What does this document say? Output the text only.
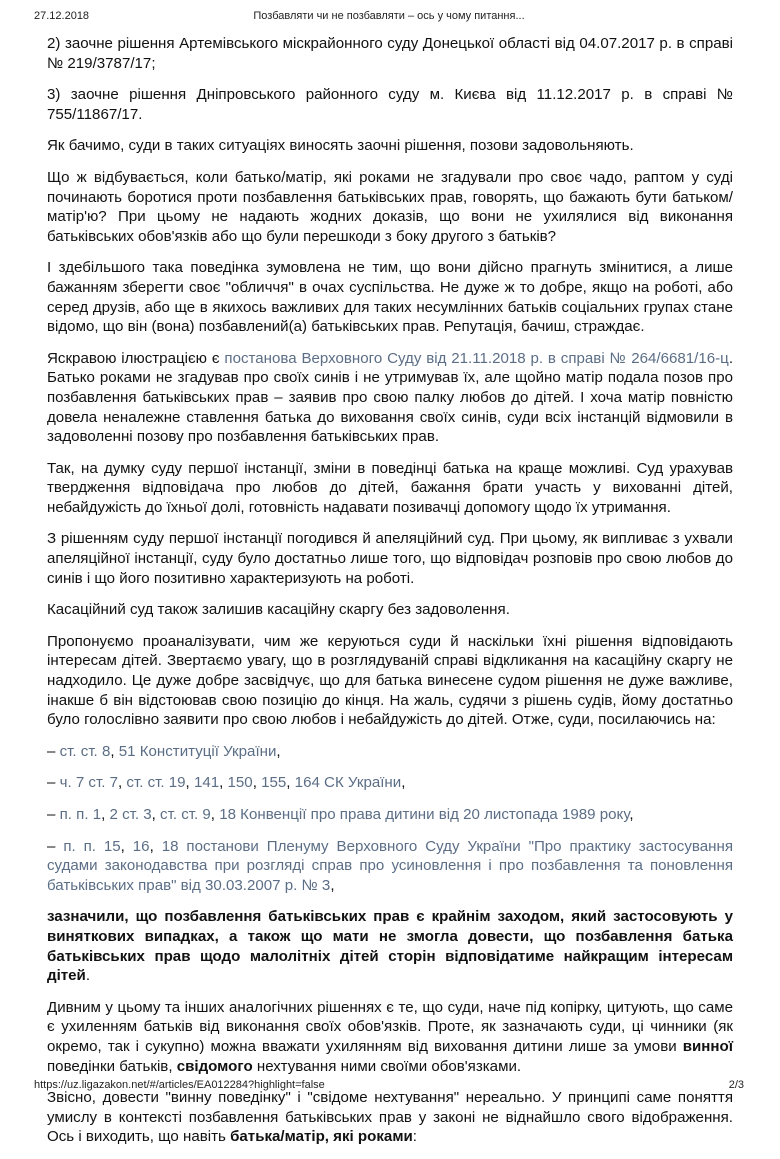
27.12.2018	Позбавляти чи не позбавляти – ось у чому питання...

2) заочне рішення Артемівського міскрайонного суду Донецької області від 04.07.2017 р. в справі № 219/3787/17;

3) заочне рішення Дніпровського районного суду м. Києва від 11.12.2017 р. в справі № 755/11867/17.

Як бачимо, суди в таких ситуаціях виносять заочні рішення, позови задовольняють.

Що ж відбувається, коли батько/матір, які роками не згадували про своє чадо, раптом у суді починають боротися проти позбавлення батьківських прав, говорять, що бажають бути батьком/матір'ю? При цьому не надають жодних доказів, що вони не ухилялися від виконання батьківських обов'язків або що були перешкоди з боку другого з батьків?

І здебільшого така поведінка зумовлена не тим, що вони дійсно прагнуть змінитися, а лише бажанням зберегти своє "обличчя" в очах суспільства. Не дуже ж то добре, якщо на роботі, або серед друзів, або ще в якихось важливих для таких несумлінних батьків соціальних групах стане відомо, що він (вона) позбавлений(а) батьківських прав. Репутація, бачиш, страждає.

Яскравою ілюстрацією є постанова Верховного Суду від 21.11.2018 р. в справі № 264/6681/16-ц. Батько роками не згадував про своїх синів і не утримував їх, але щойно матір подала позов про позбавлення батьківських прав – заявив про свою палку любов до дітей. І хоча матір повністю довела неналежне ставлення батька до виховання своїх синів, суди всіх інстанцій відмовили в задоволенні позову про позбавлення батьківських прав.

Так, на думку суду першої інстанції, зміни в поведінці батька на краще можливі. Суд урахував твердження відповідача про любов до дітей, бажання брати участь у вихованні дітей, небайдужість до їхньої долі, готовність надавати позивачці допомогу щодо їх утримання.

З рішенням суду першої інстанції погодився й апеляційний суд. При цьому, як випливає з ухвали апеляційної інстанції, суду було достатньо лише того, що відповідач розповів про свою любов до синів і що його позитивно характеризують на роботі.

Касаційний суд також залишив касаційну скаргу без задоволення.

Пропонуємо проаналізувати, чим же керуються суди й наскільки їхні рішення відповідають інтересам дітей. Звертаємо увагу, що в розглядуваній справі відкликання на касаційну скаргу не надходило. Це дуже добре засвідчує, що для батька винесене судом рішення не дуже важливе, інакше б він відстоював свою позицію до кінця. На жаль, судячи з рішень судів, йому достатньо було голослівно заявити про свою любов і небайдужість до дітей. Отже, суди, посилаючись на:

– ст. ст. 8, 51 Конституції України,

– ч. 7 ст. 7, ст. ст. 19, 141, 150, 155, 164 СК України,

– п. п. 1, 2 ст. 3, ст. ст. 9, 18 Конвенції про права дитини від 20 листопада 1989 року,

– п. п. 15, 16, 18 постанови Пленуму Верховного Суду України "Про практику застосування судами законодавства при розгляді справ про усиновлення і про позбавлення та поновлення батьківських прав" від 30.03.2007 р. № 3,

зазначили, що позбавлення батьківських прав є крайнім заходом, який застосовують у виняткових випадках, а також що мати не змогла довести, що позбавлення батька батьківських прав щодо малолітніх дітей сторін відповідатиме найкращим інтересам дітей.

Дивним у цьому та інших аналогічних рішеннях є те, що суди, наче під копірку, цитують, що саме є ухиленням батьків від виконання своїх обов'язків. Проте, як зазначають суди, ці чинники (як окремо, так і сукупно) можна вважати ухилянням від виховання дитини лише за умови винної поведінки батьків, свідомого нехтування ними своїми обов'язками.

Звісно, довести "винну поведінку" і "свідоме нехтування" нереально. У принципі саме поняття умислу в контексті позбавлення батьківських прав у законі не віднайшло свого відображення. Ось і виходить, що навіть батька/матір, які роками:

https://uz.ligazakon.net/#/articles/EA012284?highlight=false	2/3
